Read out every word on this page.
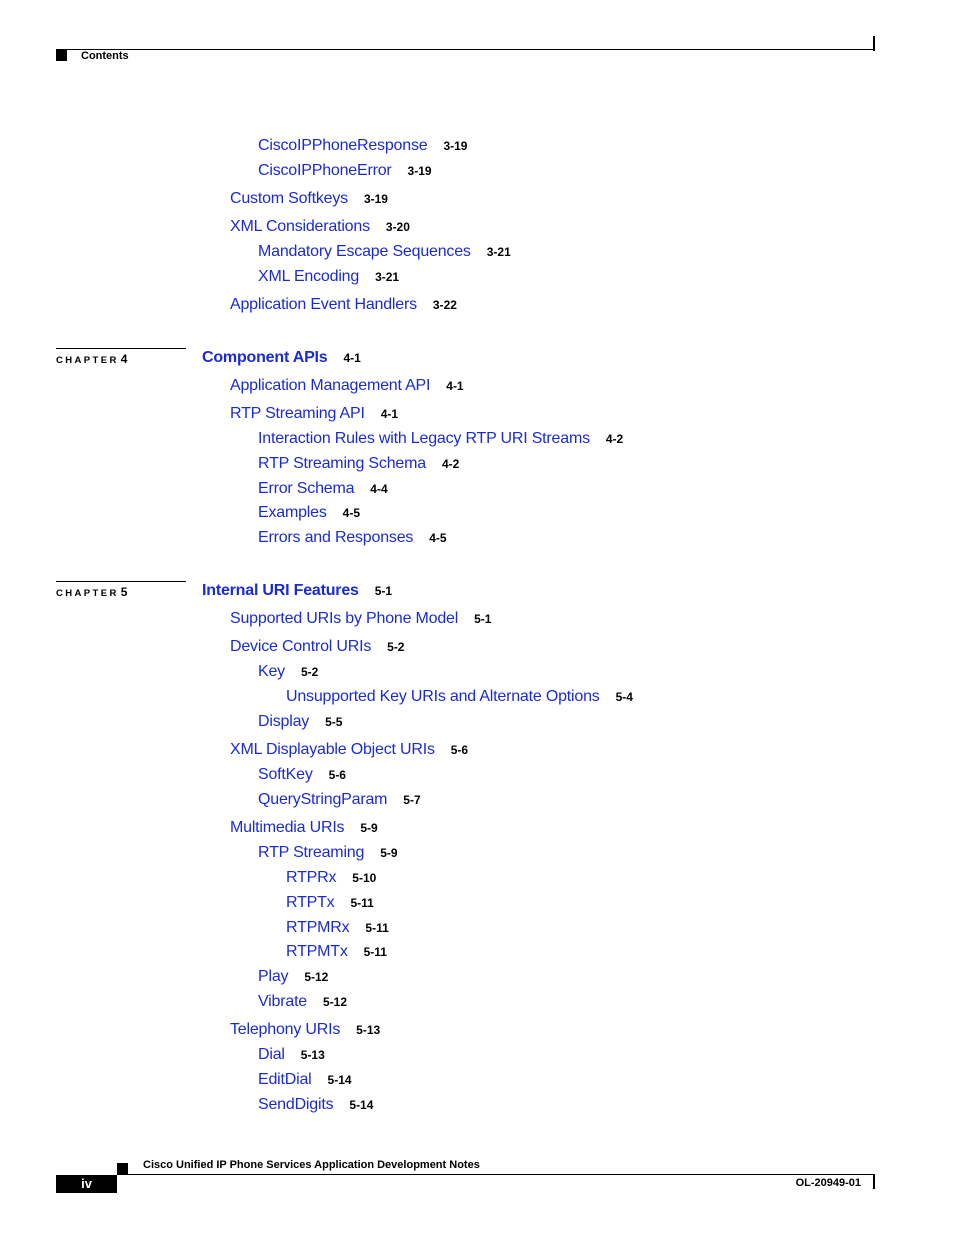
Contents
CHAPTER 4
CHAPTER 5
CiscoIPPhoneResponse 3-19
CiscoIPPhoneError 3-19
Custom Softkeys 3-19
XML Considerations 3-20
Mandatory Escape Sequences 3-21
XML Encoding 3-21
Application Event Handlers 3-22
Component APIs 4-1
Application Management API 4-1
RTP Streaming API 4-1
Interaction Rules with Legacy RTP URI Streams 4-2
RTP Streaming Schema 4-2
Error Schema 4-4
Examples 4-5
Errors and Responses 4-5
Internal URI Features 5-1
Supported URIs by Phone Model 5-1
Device Control URIs 5-2
Key 5-2
Unsupported Key URIs and Alternate Options 5-4
Display 5-5
XML Displayable Object URIs 5-6
SoftKey 5-6
QueryStringParam 5-7
Multimedia URIs 5-9
RTP Streaming 5-9
RTPRx 5-10
RTPTx 5-11
RTPMRx 5-11
RTPMTx 5-11
Play 5-12
Vibrate 5-12
Telephony URIs 5-13
Dial 5-13
EditDial 5-14
SendDigits 5-14
Cisco Unified IP Phone Services Application Development Notes
iv	OL-20949-01
